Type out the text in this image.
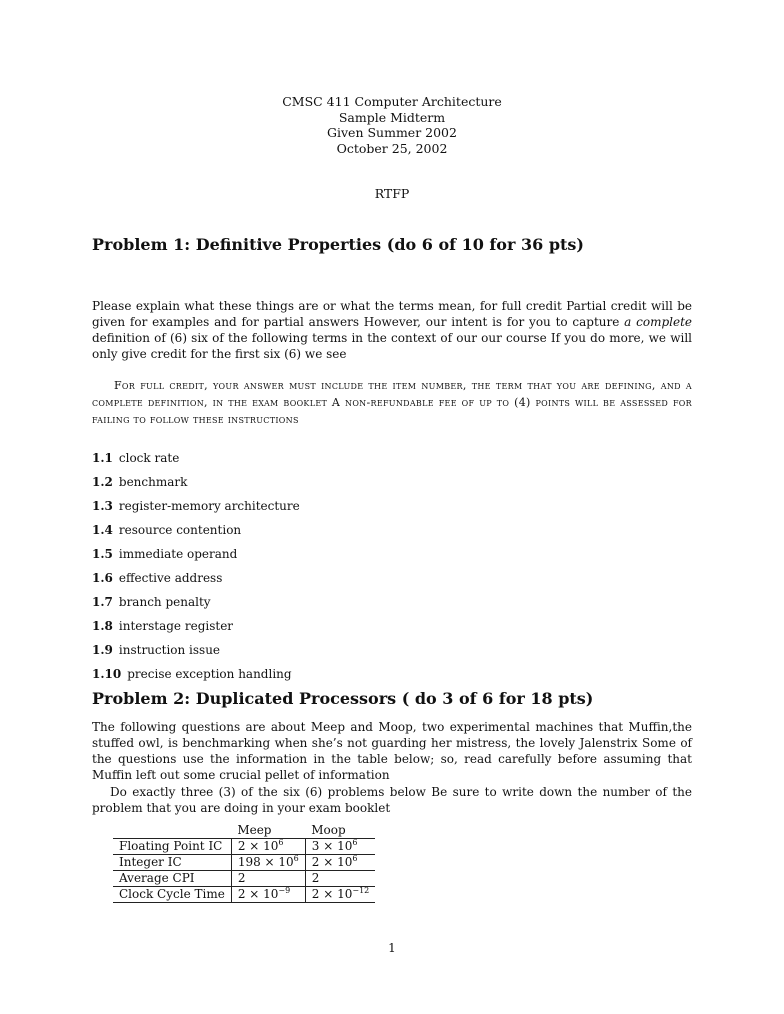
CMSC 411 Computer Architecture
Sample Midterm
Given Summer 2002
October 25, 2002
RTFP
Problem 1: Definitive Properties (do 6 of 10 for 36 pts)

Please explain what these things are or what the terms mean, for full credit Partial credit will be given for examples and for partial answers However, our intent is for you to capture a complete definition of (6) six of the following terms in the context of our our course If you do more, we will only give credit for the first six (6) we see

For full credit, your answer must include the item number, the term that you are defining, and a complete definition, in the exam booklet A non-refundable fee of up to (4) points will be assessed for failing to follow these instructions

1.1 clock rate
1.2 benchmark
1.3 register-memory architecture
1.4 resource contention
1.5 immediate operand
1.6 effective address
1.7 branch penalty
1.8 interstage register
1.9 instruction issue
1.10 precise exception handling
Problem 2: Duplicated Processors ( do 3 of 6 for 18 pts)

The following questions are about Meep and Moop, two experimental machines that Muffin,the stuffed owl, is benchmarking when she’s not guarding her mistress, the lovely Jalenstrix Some of the questions use the information in the table below; so, read carefully before assuming that Muffin left out some crucial pellet of information

Do exactly three (3) of the six (6) problems below Be sure to write down the number of the problem that you are doing in your exam booklet

	Meep	Moop
Floating Point IC	$2 \times 10^6$	$3 \times 10^6$
Integer IC	$198 \times 10^6$	$2 \times 10^6$
Average CPI	2	2
Clock Cycle Time	$2 \times 10^{-9}$	$2 \times 10^{-12}$
1
